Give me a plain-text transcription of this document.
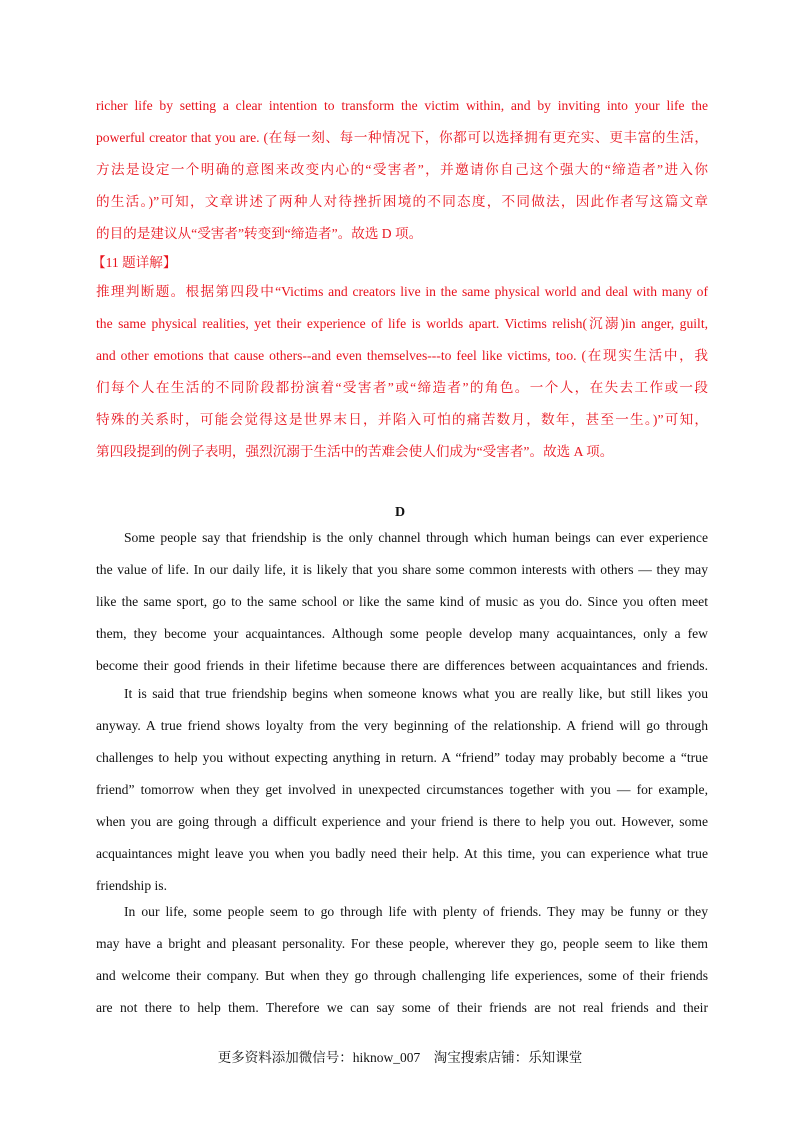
richer life by setting a clear intention to transform the victim within, and by inviting into your life the
powerful creator that you are. (在每一刻、每一种情况下，你都可以选择拥有更充实、更丰富的生活，
方法是设定一个明确的意图来改变内心的“受害者”，并邀请你自己这个强大的“缔造者”进入你
的生活。)”可知，文章讲述了两种人对待挫折困境的不同态度，不同做法，因此作者写这篇文章
的目的是建议从“受害者”转变到“缔造者”。故选 D 项。
【11 题详解】
推理判断题。根据第四段中“Victims and creators live in the same physical world and deal with many of
the same physical realities, yet their experience of life is worlds apart. Victims relish(沉溺)in anger, guilt,
and other emotions that cause others--and even themselves---to feel like victims, too. (在现实生活中，我
们每个人在生活的不同阶段都扮演着“受害者”或“缔造者”的角色。一个人，在失去工作或一段
特殊的关系时，可能会觉得这是世界末日，并陷入可怕的痛苦数月，数年，甚至一生。)”可知，
第四段提到的例子表明，强烈沉溺于生活中的苦难会使人们成为“受害者”。故选 A 项。
D
Some people say that friendship is the only channel through which human beings can ever experience
the value of life. In our daily life, it is likely that you share some common interests with others — they may
like the same sport, go to the same school or like the same kind of music as you do. Since you often meet
them, they become your acquaintances. Although some people develop many acquaintances, only a few
become their good friends in their lifetime because there are differences between acquaintances and friends.
It is said that true friendship begins when someone knows what you are really like, but still likes you
anyway. A true friend shows loyalty from the very beginning of the relationship. A friend will go through
challenges to help you without expecting anything in return. A “friend” today may probably become a “true
friend” tomorrow when they get involved in unexpected circumstances together with you — for example,
when you are going through a difficult experience and your friend is there to help you out. However, some
acquaintances might leave you when you badly need their help. At this time, you can experience what true
friendship is.
In our life, some people seem to go through life with plenty of friends. They may be funny or they
may have a bright and pleasant personality. For these people, wherever they go, people seem to like them
and welcome their company. But when they go through challenging life experiences, some of their friends
are not there to help them. Therefore we can say some of their friends are not real friends and their
更多资料添加微信号：hiknow_007　淘宝搜索店铺：乐知课堂
